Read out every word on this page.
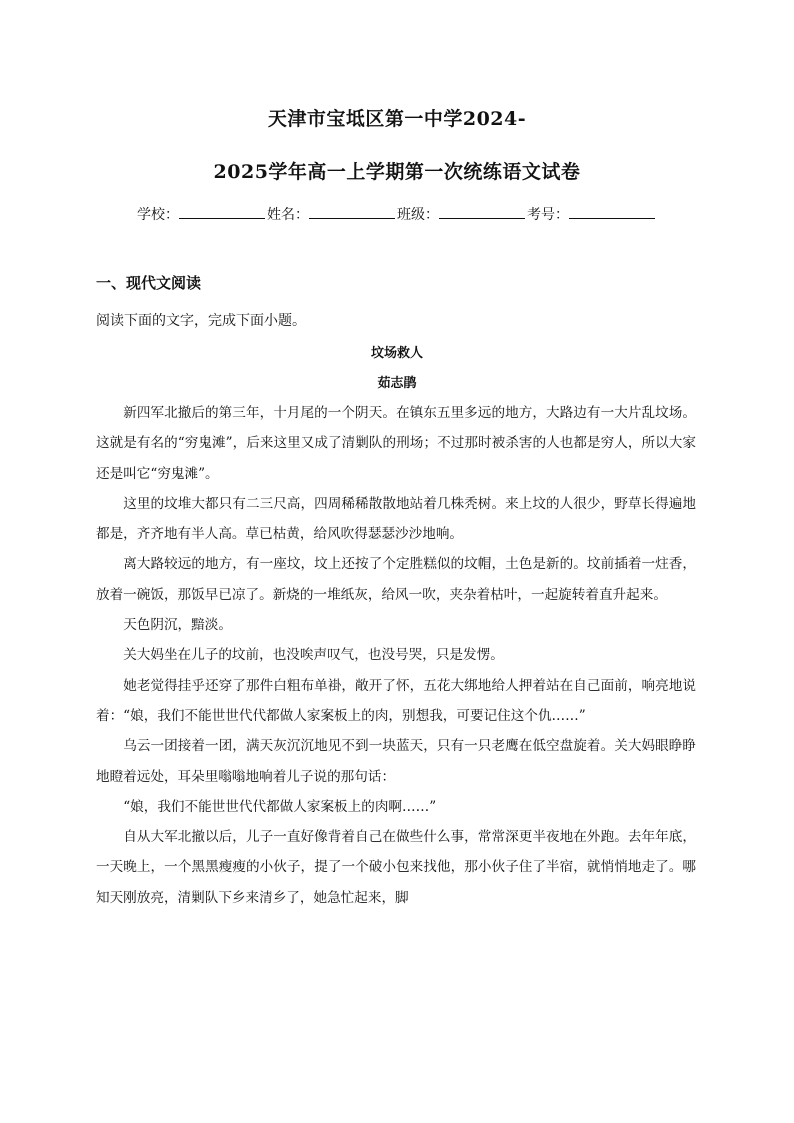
天津市宝坻区第一中学2024-
2025学年高一上学期第一次统练语文试卷
学校：	姓名：	班级：	考号：
一、现代文阅读
阅读下面的文字，完成下面小题。
坟场救人
茹志鹃

新四军北撤后的第三年，十月尾的一个阴天。在镇东五里多远的地方，大路边有一大片乱坟场。这就是有名的“穷鬼滩”，后来这里又成了清剿队的刑场；不过那时被杀害的人也都是穷人，所以大家还是叫它“穷鬼滩”。

这里的坟堆大都只有二三尺高，四周稀稀散散地站着几株秃树。来上坟的人很少，野草长得遍地都是，齐齐地有半人高。草已枯黄，给风吹得瑟瑟沙沙地响。

离大路较远的地方，有一座坟，坟上还按了个定胜糕似的坟帽，土色是新的。坟前插着一炷香，放着一碗饭，那饭早已凉了。新烧的一堆纸灰，给风一吹，夹杂着枯叶，一起旋转着直升起来。

天色阴沉，黯淡。

关大妈坐在儿子的坟前，也没唉声叹气，也没号哭，只是发愣。

她老觉得挂乎还穿了那件白粗布单褂，敞开了怀，五花大绑地给人押着站在自己面前，响亮地说着：“娘，我们不能世世代代都做人家案板上的肉，别想我，可要记住这个仇……”

乌云一团接着一团，满天灰沉沉地见不到一块蓝天，只有一只老鹰在低空盘旋着。关大妈眼睁睁地瞪着远处，耳朵里嗡嗡地响着儿子说的那句话：

“娘，我们不能世世代代都做人家案板上的肉啊……”

自从大军北撤以后，儿子一直好像背着自己在做些什么事，常常深更半夜地在外跑。去年年底，一天晚上，一个黑黑瘦瘦的小伙子，提了一个破小包来找他，那小伙子住了半宿，就悄悄地走了。哪知天刚放亮，清剿队下乡来清乡了，她急忙起来，脚
